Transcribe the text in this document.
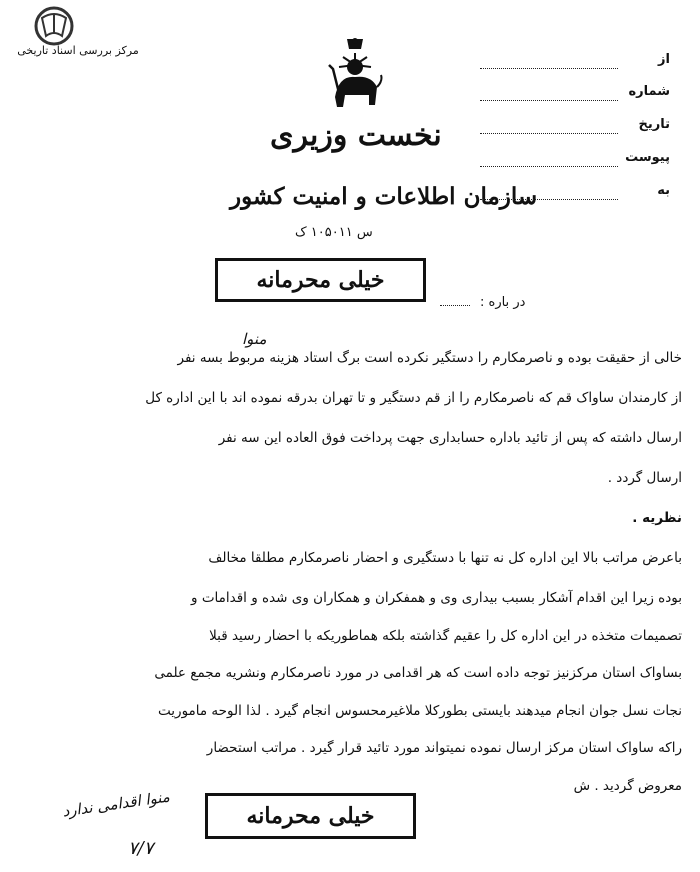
مرکز بررسی اسناد تاریخی
نخست وزیری
سازمان اطلاعات و امنیت کشور
س ۱۰۵۰۱۱ ک
از
شماره
تاریخ
پیوست
به
خیلی محرمانه
در باره :
منوا
خالی از حقیقت بوده و ناصرمکارم را دستگیر نکرده است برگ استاد هزینه مربوط بسه نفر
از کارمندان ساواک قم که ناصرمکارم را از قم دستگیر و تا تهران بدرقه نموده اند با این اداره کل
ارسال داشته که پس از تائید باداره حسابداری جهت پرداخت فوق العاده این سه نفر
ارسال گردد .
نظریه .
باعرض مراتب بالا این اداره کل نه تنها با دستگیری و احضار ناصرمکارم مطلقا مخالف
بوده زیرا این اقدام آشکار بسبب بیداری وی و همفکران و همکاران وی شده و اقدامات و
تصمیمات متخذه در این اداره کل را عقیم گذاشته بلکه هماطوریکه با احضار رسید قبلا
بساواک استان مرکزنیز توجه داده است که هر اقدامی در مورد ناصرمکارم ونشریه مجمع علمی
نجات نسل جوان انجام میدهند بایستی بطورکلا ملاغیرمحسوس انجام گیرد . لذا الوحه ماموریت
راکه ساواک استان مرکز ارسال نموده نمیتواند مورد تائید قرار گیرد . مراتب استحضار
معروض گردید . ش
منوا اقدامی ندارد
۷/۷
خیلی محرمانه
